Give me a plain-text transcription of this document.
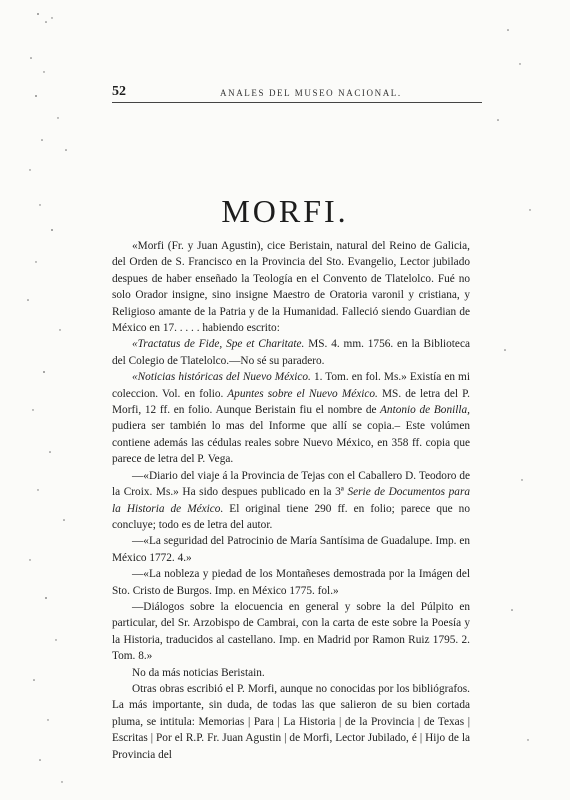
52	ANALES DEL MUSEO NACIONAL.
MORFI.

«Morfi (Fr. y Juan Agustin), cice Beristain, natural del Reino de Galicia, del Orden de S. Francisco en la Provincia del Sto. Evangelio, Lector jubilado despues de haber enseñado la Teología en el Convento de Tlatelolco. Fué no solo Orador insigne, sino insigne Maestro de Oratoria varonil y cristiana, y Religioso amante de la Patria y de la Humanidad. Falleció siendo Guardian de México en 17. . . . . habiendo escrito:

«Tractatus de Fide, Spe et Charitate. MS. 4. mm. 1756. en la Biblioteca del Colegio de Tlatelolco.—No sé su paradero.

«Noticias históricas del Nuevo México. 1. Tom. en fol. Ms.» Existía en mi coleccion. Vol. en folio. Apuntes sobre el Nuevo México. MS. de letra del P. Morfi, 12 ff. en folio. Aunque Beristain fiu el nombre de Antonio de Bonilla, pudiera ser también lo mas del Informe que allí se copia.– Este volúmen contiene además las cédulas reales sobre Nuevo México, en 358 ff. copia que parece de letra del P. Vega.

—«Diario del viaje á la Provincia de Tejas con el Caballero D. Teodoro de la Croix. Ms.» Ha sido despues publicado en la 3ª Serie de Documentos para la Historia de México. El original tiene 290 ff. en folio; parece que no concluye; todo es de letra del autor.

—«La seguridad del Patrocinio de María Santísima de Guadalupe. Imp. en México 1772. 4.»

—«La nobleza y piedad de los Montañeses demostrada por la Imágen del Sto. Cristo de Burgos. Imp. en México 1775. fol.»

—Diálogos sobre la elocuencia en general y sobre la del Púlpito en particular, del Sr. Arzobispo de Cambrai, con la carta de este sobre la Poesía y la Historia, traducidos al castellano. Imp. en Madrid por Ramon Ruiz 1795. 2. Tom. 8.»

No da más noticias Beristain.

Otras obras escribió el P. Morfi, aunque no conocidas por los bibliógrafos. La más importante, sin duda, de todas las que salieron de su bien cortada pluma, se intitula: Memorias | Para | La Historia | de la Provincia | de Texas | Escritas | Por el R.P. Fr. Juan Agustin | de Morfi, Lector Jubilado, é | Hijo de la Provincia del
